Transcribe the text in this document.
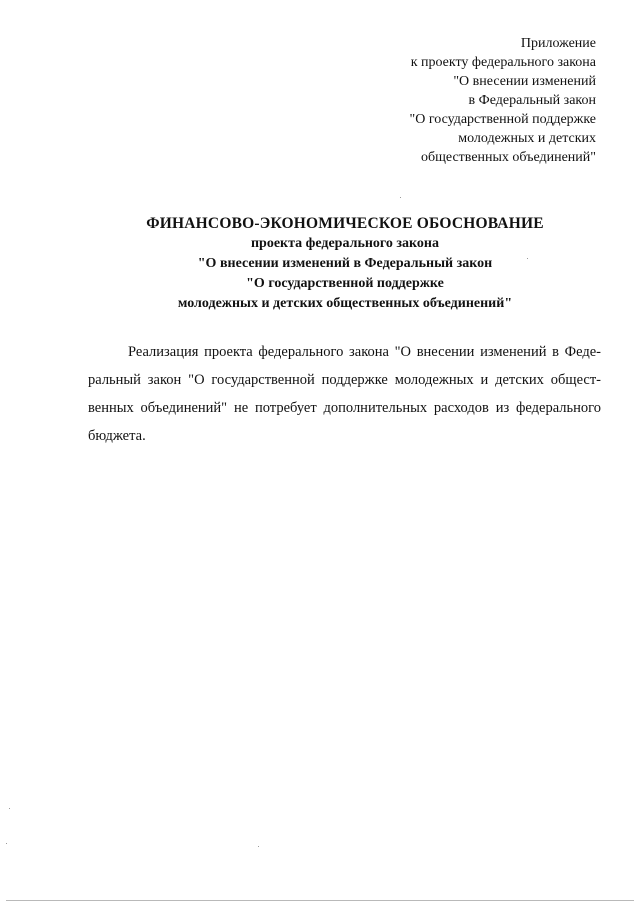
Приложение
к проекту федерального закона
"О внесении изменений
в Федеральный закон
"О государственной поддержке
молодежных и детских
общественных объединений"
ФИНАНСОВО-ЭКОНОМИЧЕСКОЕ ОБОСНОВАНИЕ
проекта федерального закона
"О внесении изменений в Федеральный закон
"О государственной поддержке
молодежных и детских общественных объединений"
Реализация проекта федерального закона "О внесении изменений в Феде-
ральный закон "О государственной поддержке молодежных и детских общест-
венных объединений" не потребует дополнительных расходов из федерального
бюджета.
